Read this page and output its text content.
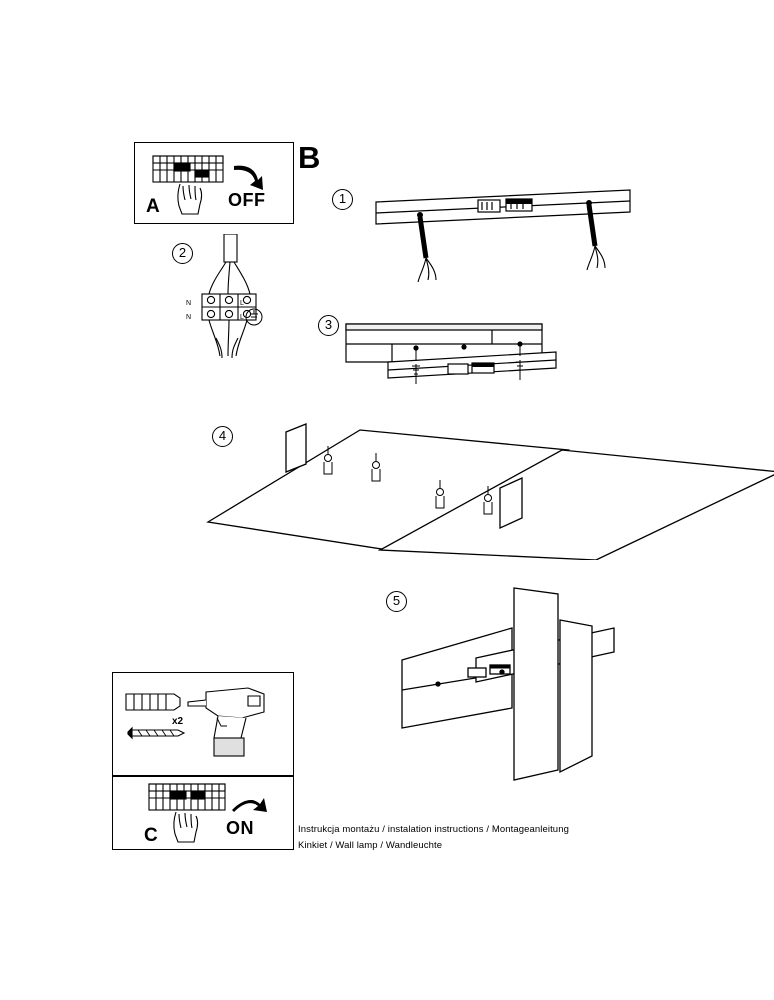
A	OFF
B
1
2
N	L
N	L	3
4
5
x2
C	ON	Instrukcja montażu / instalation instructions / Montageanleitung
Kinkiet / Wall lamp / Wandleuchte
